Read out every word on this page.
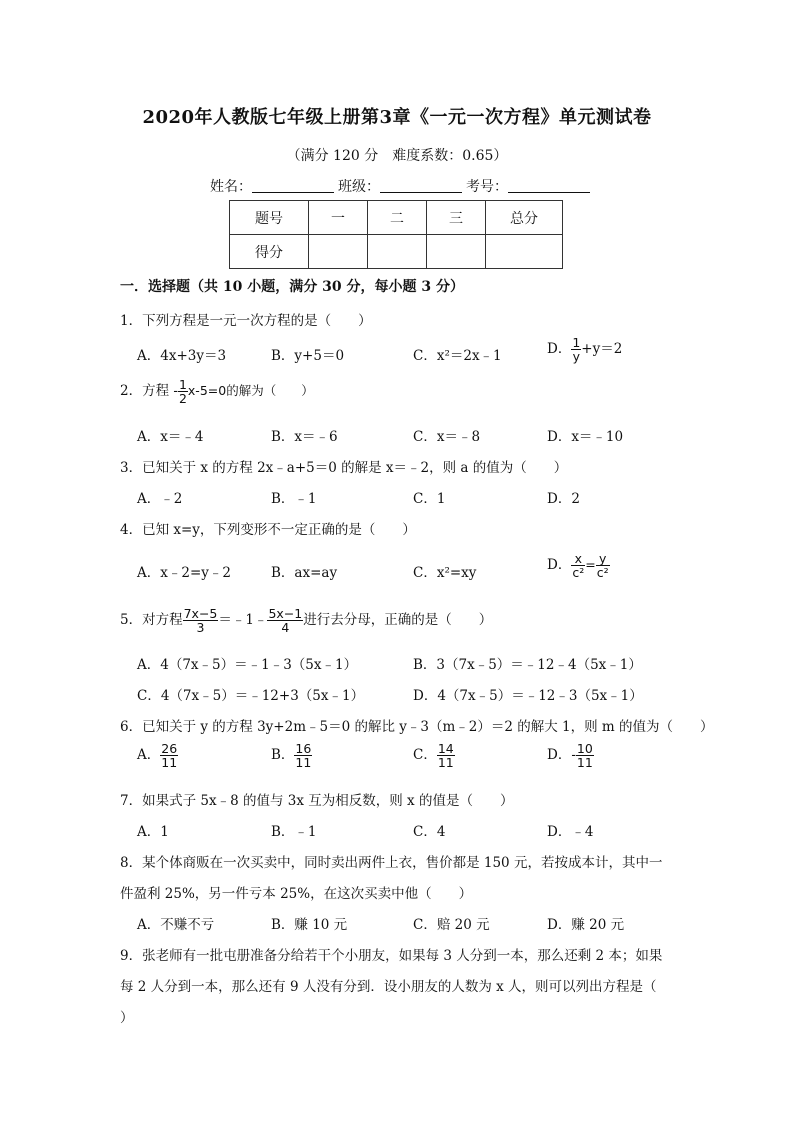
2020年人教版七年级上册第3章《一元一次方程》单元测试卷
（满分 120 分　难度系数：0.65）
姓名：	班级：	考号：
题号	一	二	三	总分
得分				
一．选择题（共 10 小题，满分 30 分，每小题 3 分）
1．下列方程是一元一次方程的是（　　）
A．4x+3y＝3	B．y+5＝0	C．x²＝2x﹣1	D． $\frac{1}{y} +y=2$
2．方程 - $\frac{1}{2} x-5=0$的解为（　　）
A．x＝﹣4	B．x＝﹣6	C．x＝﹣8	D．x＝﹣10
3．已知关于 x 的方程 2x﹣a+5＝0 的解是 x＝﹣2，则 a 的值为（　　）
A．﹣2	B．﹣1	C．1	D．2
4．已知 x=y，下列变形不一定正确的是（　　）
A．x﹣2=y﹣2	B．ax=ay	C．x²=xy	D． $\frac{x}{\text{c²}} = \frac{y}{\text{c²}}$
5．对方程 $\frac{7x-5}{3}$ ＝﹣1﹣ $\frac{5x-1}{4}$ 进行去分母，正确的是（　　）
A．4（7x﹣5）＝﹣1﹣3（5x﹣1）	B．3（7x﹣5）＝﹣12﹣4（5x﹣1）
C．4（7x﹣5）＝﹣12+3（5x﹣1）	D．4（7x﹣5）＝﹣12﹣3（5x﹣1）
6．已知关于 y 的方程 3y+2m﹣5＝0 的解比 y﹣3（m﹣2）＝2 的解大 1，则 m 的值为（　　）
A． $\frac{26}{11}$	B． $\frac{16}{11}$	C． $\frac{14}{11}$	D．- $\frac{10}{11}$
7．如果式子 5x﹣8 的值与 3x 互为相反数，则 x 的值是（　　）
A．1	B．﹣1	C．4	D．﹣4
8．某个体商贩在一次买卖中，同时卖出两件上衣，售价都是 150 元，若按成本计，其中一
件盈利 25%，另一件亏本 25%，在这次买卖中他（　　）
A．不赚不亏	B．赚 10 元	C．赔 20 元	D．赚 20 元
9．张老师有一批屯册准备分给若干个小朋友，如果每 3 人分到一本，那么还剩 2 本；如果
每 2 人分到一本，那么还有 9 人没有分到．设小朋友的人数为 x 人，则可以列出方程是（
）
